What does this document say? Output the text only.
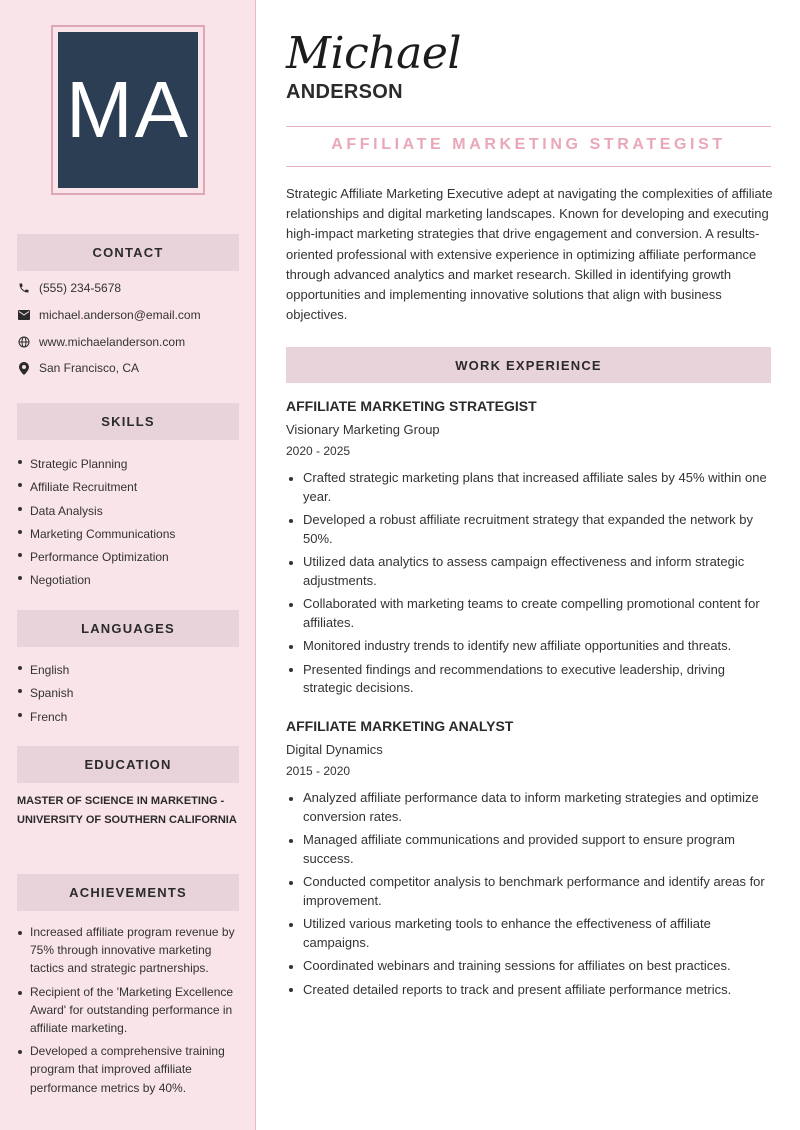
MA
CONTACT
(555) 234-5678
michael.anderson@email.com
www.michaelanderson.com
San Francisco, CA
SKILLS
Strategic Planning
Affiliate Recruitment
Data Analysis
Marketing Communications
Performance Optimization
Negotiation
LANGUAGES
English
Spanish
French
EDUCATION
MASTER OF SCIENCE IN MARKETING - UNIVERSITY OF SOUTHERN CALIFORNIA
ACHIEVEMENTS
Increased affiliate program revenue by 75% through innovative marketing tactics and strategic partnerships.
Recipient of the 'Marketing Excellence Award' for outstanding performance in affiliate marketing.
Developed a comprehensive training program that improved affiliate performance metrics by 40%.
Michael
ANDERSON
AFFILIATE MARKETING STRATEGIST

Strategic Affiliate Marketing Executive adept at navigating the complexities of affiliate relationships and digital marketing landscapes. Known for developing and executing high-impact marketing strategies that drive engagement and conversion. A results-oriented professional with extensive experience in optimizing affiliate performance through advanced analytics and market research. Skilled in identifying growth opportunities and implementing innovative solutions that align with business objectives.

WORK EXPERIENCE
AFFILIATE MARKETING STRATEGIST
Visionary Marketing Group
2020 - 2025
Crafted strategic marketing plans that increased affiliate sales by 45% within one year.
Developed a robust affiliate recruitment strategy that expanded the network by 50%.
Utilized data analytics to assess campaign effectiveness and inform strategic adjustments.
Collaborated with marketing teams to create compelling promotional content for affiliates.
Monitored industry trends to identify new affiliate opportunities and threats.
Presented findings and recommendations to executive leadership, driving strategic decisions.
AFFILIATE MARKETING ANALYST
Digital Dynamics
2015 - 2020
Analyzed affiliate performance data to inform marketing strategies and optimize conversion rates.
Managed affiliate communications and provided support to ensure program success.
Conducted competitor analysis to benchmark performance and identify areas for improvement.
Utilized various marketing tools to enhance the effectiveness of affiliate campaigns.
Coordinated webinars and training sessions for affiliates on best practices.
Created detailed reports to track and present affiliate performance metrics.
